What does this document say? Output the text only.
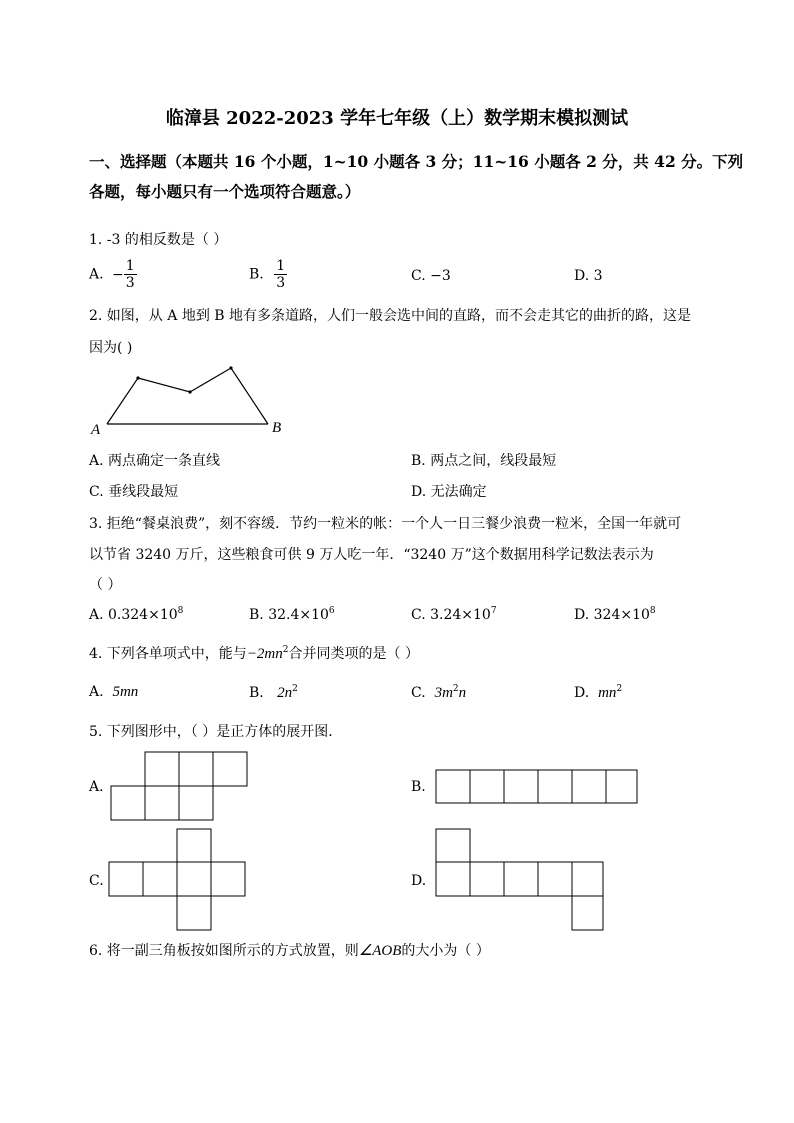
临漳县 2022-2023 学年七年级（上）数学期末模拟测试
一、选择题（本题共 16 个小题，1~10 小题各 3 分；11~16 小题各 2 分，共 42 分。下列
各题，每小题只有一个选项符合题意。）
1. -3 的相反数是（ ）
A. − $\frac{1}{3}$	B. $\frac{1}{3}$	C. −3	D. 3
2. 如图，从 A 地到 B 地有多条道路，人们一般会选中间的直路，而不会走其它的曲折的路，这是
因为( )
A	B
A. 两点确定一条直线	B. 两点之间，线段最短
C. 垂线段最短	D. 无法确定
3. 拒绝“餐桌浪费”，刻不容缓．节约一粒米的帐：一个人一日三餐少浪费一粒米，全国一年就可
以节省 3240 万斤，这些粮食可供 9 万人吃一年．“3240 万”这个数据用科学记数法表示为
（ ）
A. $0.324\times 10^8$	B. $32.4\times 10^6$	C. $3.24\times 10^7$	D. $324\times 10^8$
4. 下列各单项式中，能与$-2mn^2$合并同类项的是（ ）
A. 5mn	B. $2n^2$	C. $3m^2n$	D. $mn^2$
5. 下列图形中，（ ）是正方体的展开图．
A.	B.
C.	D.
6. 将一副三角板按如图所示的方式放置，则∠AOB的大小为（ ）
